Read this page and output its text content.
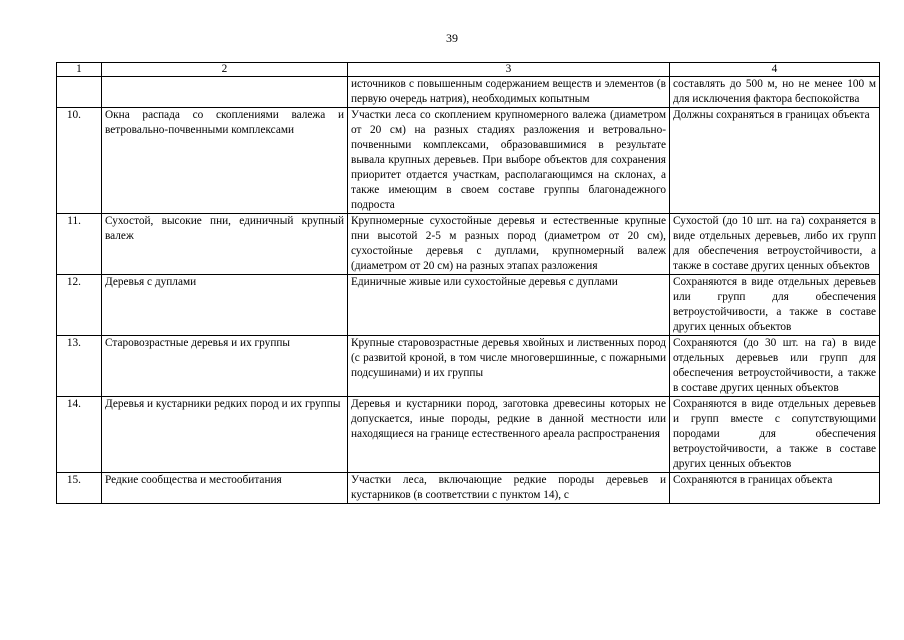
39
1	2	3	4
		источников с повышенным содержанием веществ и элементов (в первую очередь натрия), необходимых копытным	составлять до 500 м, но не менее 100 м для исключения фактора беспокойства
10.	Окна распада со скоплениями валежа и ветровально-почвенными комплексами	Участки леса со скоплением крупномерного валежа (диаметром от 20 см) на разных стадиях разложения и ветровально-почвенными комплексами, образовавшимися в результате вывала крупных деревьев. При выборе объектов для сохранения приоритет отдается участкам, располагающимся на склонах, а также имеющим в своем составе группы благонадежного подроста	Должны сохраняться в границах объекта
11.	Сухостой, высокие пни, единичный крупный валеж	Крупномерные сухостойные деревья и естественные крупные пни высотой 2-5 м разных пород (диаметром от 20 см), сухостойные деревья с дуплами, крупномерный валеж (диаметром от 20 см) на разных этапах разложения	Сухостой (до 10 шт. на га) сохраняется в виде отдельных деревьев, либо их групп для обеспечения ветроустойчивости, а также в составе других ценных объектов
12.	Деревья с дуплами	Единичные живые или сухостойные деревья с дуплами	Сохраняются в виде отдельных деревьев или групп для обеспечения ветроустойчивости, а также в составе других ценных объектов
13.	Старовозрастные деревья и их группы	Крупные старовозрастные деревья хвойных и лиственных пород (с развитой кроной, в том числе многовершинные, с пожарными подсушинами) и их группы	Сохраняются (до 30 шт. на га) в виде отдельных деревьев или групп для обеспечения ветроустойчивости, а также в составе других ценных объектов
14.	Деревья и кустарники редких пород и их группы	Деревья и кустарники пород, заготовка древесины которых не допускается, иные породы, редкие в данной местности или находящиеся на границе естественного ареала распространения	Сохраняются в виде отдельных деревьев и групп вместе с сопутствующими породами для обеспечения ветроустойчивости, а также в составе других ценных объектов
15.	Редкие сообщества и местообитания	Участки леса, включающие редкие породы деревьев и кустарников (в соответствии с пунктом 14), с	Сохраняются в границах объекта
